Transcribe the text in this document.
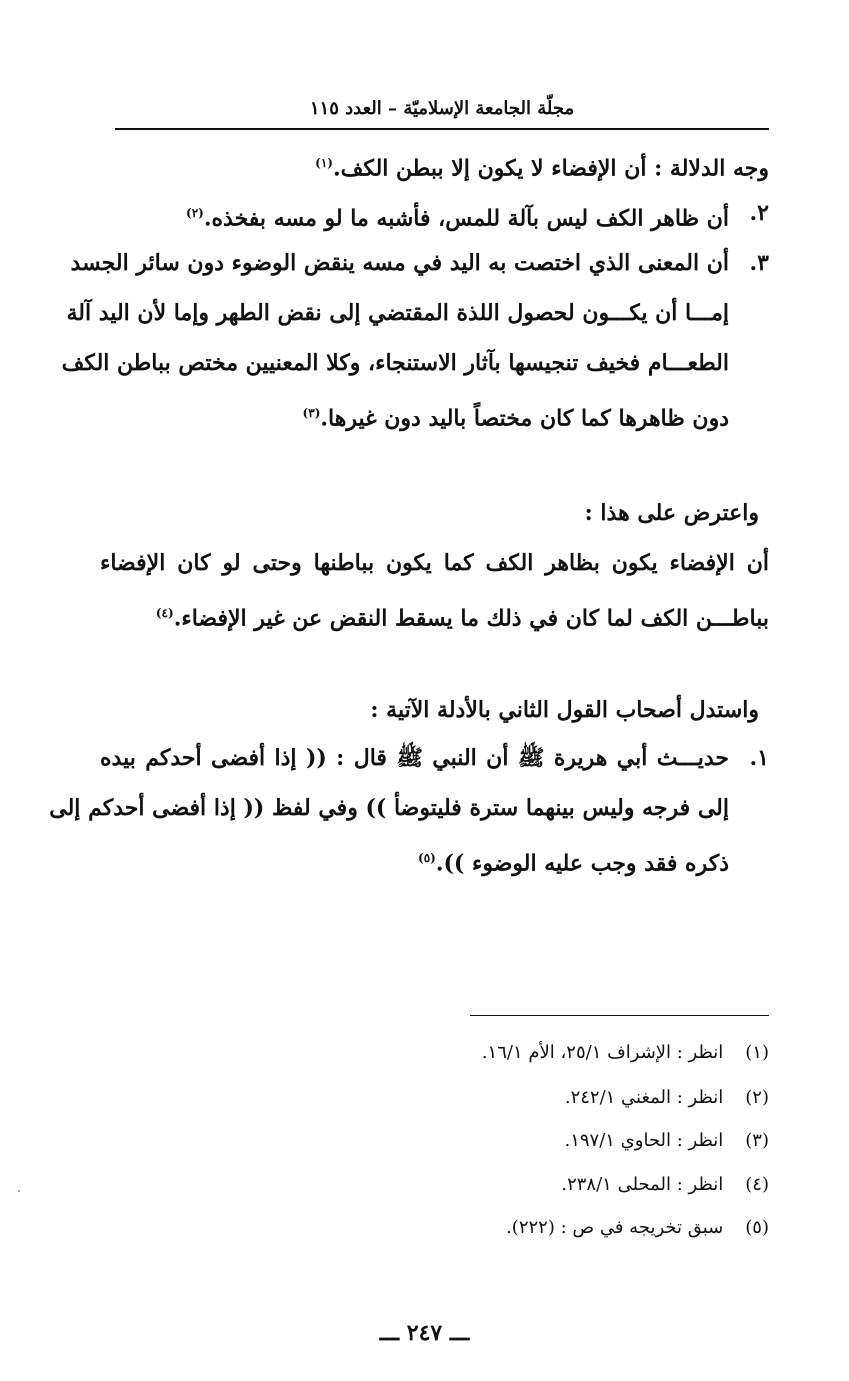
مجلّة الجامعة الإسلاميّة – العدد ١١٥
وجه الدلالة : أن الإفضاء لا يكون إلا ببطن الكف.$^{(١)}$
٢.
أن ظاهر الكف ليس بآلة للمس، فأشبه ما لو مسه بفخذه.$^{(٢)}$
٣.
أن المعنى الذي اختصت به اليد في مسه ينقض الوضوء دون سائر الجسد
إمـــا أن يكـــون لحصول اللذة المقتضي إلى نقض الطهر وإما لأن اليد آلة
الطعـــام فخيف تنجيسها بآثار الاستنجاء، وكلا المعنيين مختص بباطن الكف
دون ظاهرها كما كان مختصاً باليد دون غيرها.$^{(٣)}$
واعترض على هذا :
أن الإفضاء يكون بظاهر الكف كما يكون بباطنها وحتى لو كان الإفضاء
بباطـــن الكف لما كان في ذلك ما يسقط النقض عن غير الإفضاء.$^{(٤)}$
واستدل أصحاب القول الثاني بالأدلة الآتية :
١.
حديـــث أبي هريرة ﷺ أن النبي ﷺ قال : (( إذا أفضى أحدكم بيده
إلى فرجه وليس بينهما سترة فليتوضأ )) وفي لفظ (( إذا أفضى أحدكم إلى
ذكره فقد وجب عليه الوضوء )).$^{(٥)}$
(١) انظر : الإشراف ٢٥/١، الأم ١٦/١.
(٢) انظر : المغني ٢٤٢/١.
(٣) انظر : الحاوي ١٩٧/١.
(٤) انظر : المحلى ٢٣٨/١.
(٥) سبق تخريجه في ص : (٢٢٢).
ـــ ٢٤٧ ـــ
